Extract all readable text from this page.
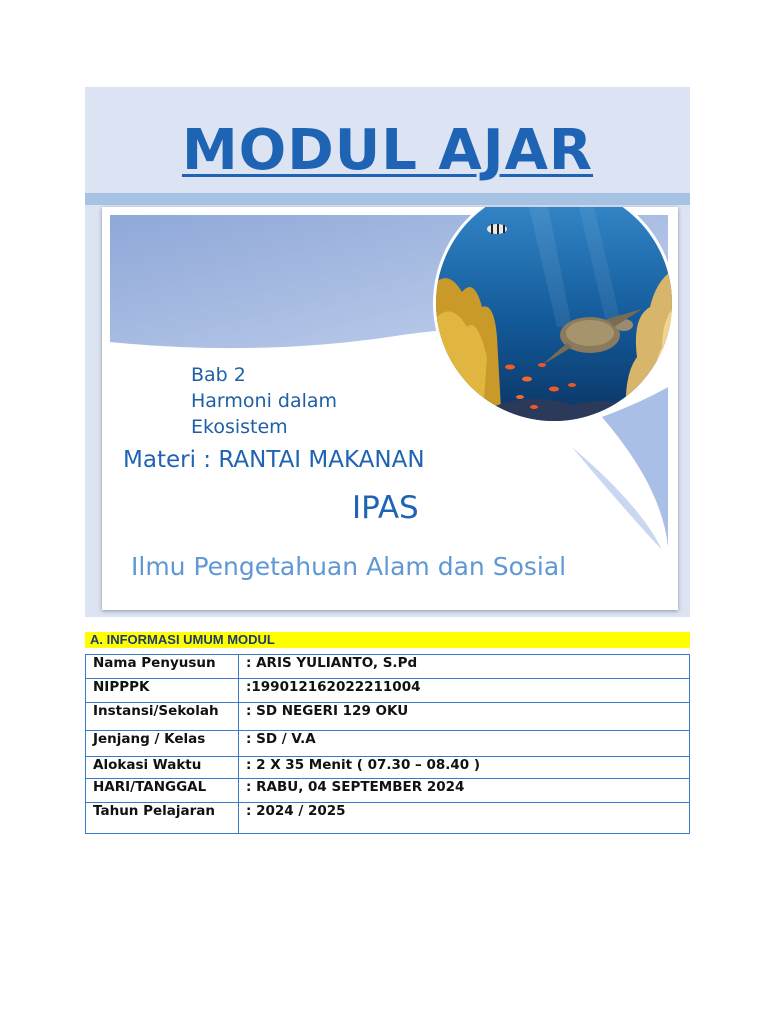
MODUL AJAR
Bab 2
Harmoni dalam
Ekosistem
Materi : RANTAI MAKANAN
IPAS
Ilmu Pengetahuan Alam dan Sosial
A. INFORMASI UMUM MODUL
Nama Penyusun	: ARIS YULIANTO, S.Pd
NIPPPK	:199012162022211004
Instansi/Sekolah	: SD NEGERI 129 OKU
Jenjang / Kelas	: SD / V.A
Alokasi Waktu	: 2 X 35 Menit ( 07.30 – 08.40 )
HARI/TANGGAL	: RABU, 04 SEPTEMBER 2024
Tahun Pelajaran	: 2024 / 2025
